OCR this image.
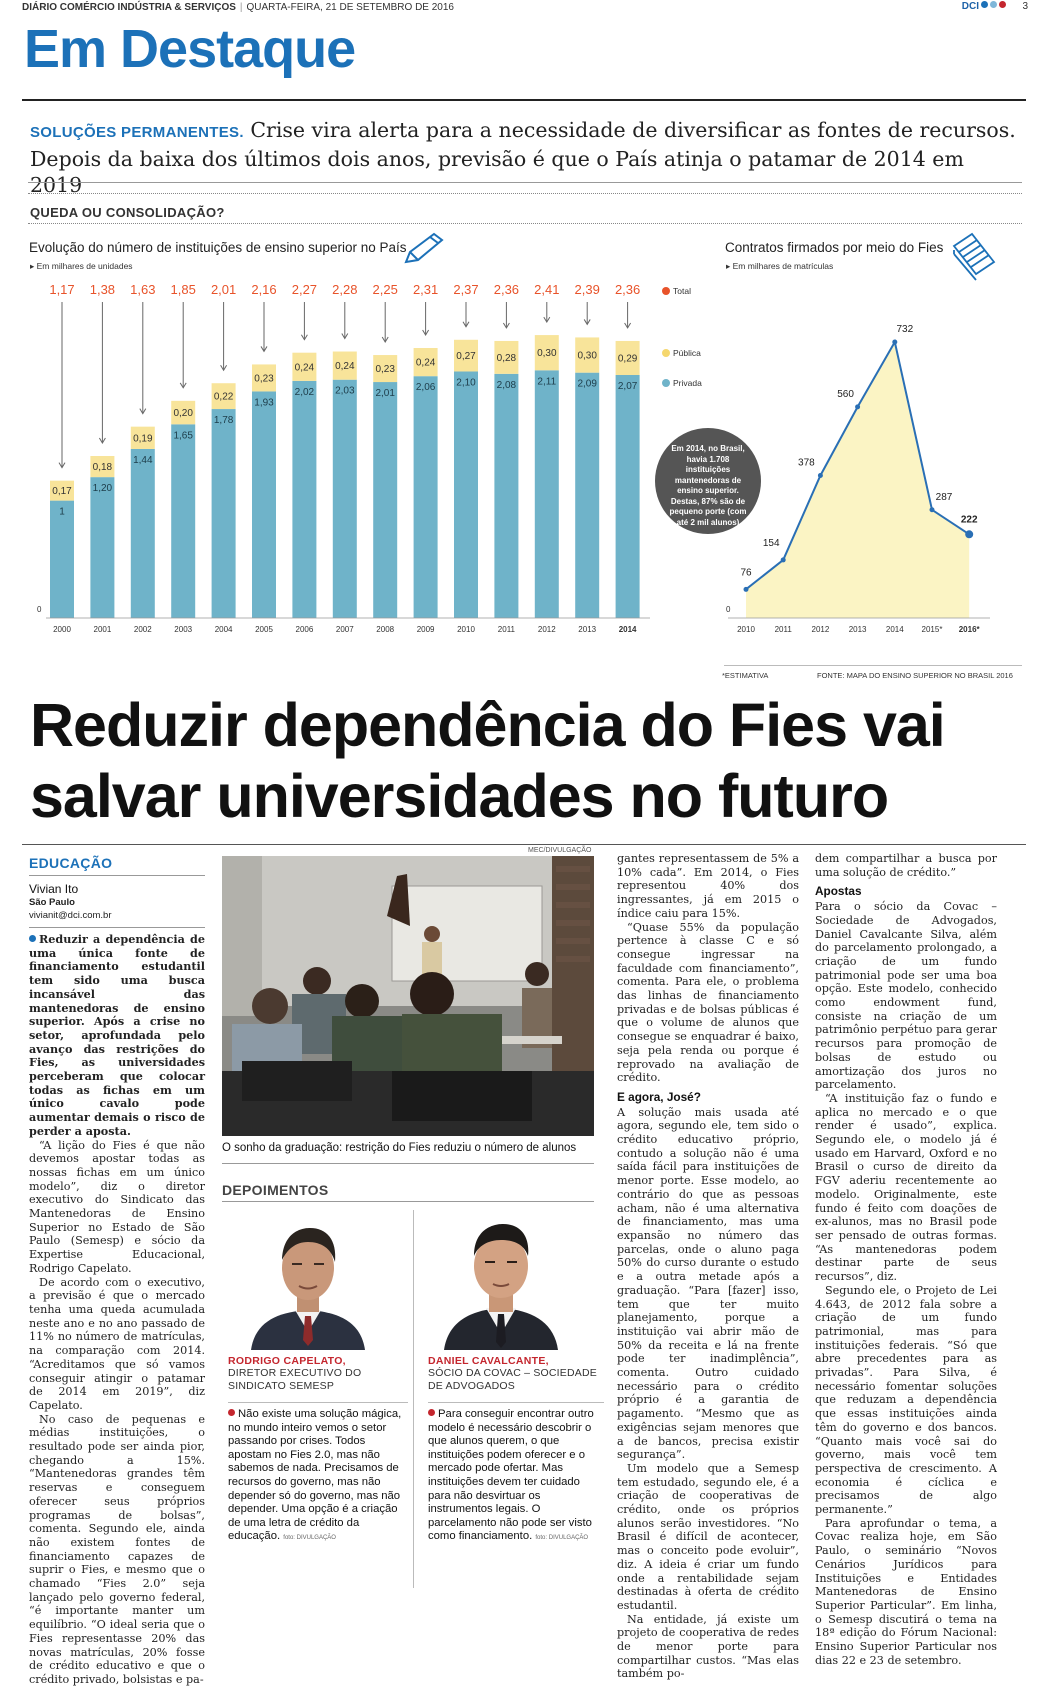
DIÁRIO COMÉRCIO INDÚSTRIA & SERVIÇOS | QUARTA-FEIRA, 21 DE SETEMBRO DE 2016	DCI	3
Em Destaque
SOLUÇÕES PERMANENTES. Crise vira alerta para a necessidade de diversificar as fontes de recursos. Depois da baixa dos últimos dois anos, previsão é que o País atinja o patamar de 2014 em 2019
QUEDA OU CONSOLIDAÇÃO?
Evolução do número de instituições de ensino superior no País
▸ Em milhares de unidades
Contratos firmados por meio do Fies
▸ Em milhares de matrículas
0
1,17
0,17
1
2000
1,38
0,18
1,20
2001
1,63
0,19
1,44
2002
1,85
0,20
1,65
2003
2,01
0,22
1,78
2004
2,16
0,23
1,93
2005
2,27
0,24
2,02
2006
2,28
0,24
2,03
2007
2,25
0,23
2,01
2008
2,31
0,24
2,06
2009
2,37
0,27
2,10
2010
2,36
0,28
2,08
2011
2,41
0,30
2,11
2012
2,39
0,30
2,09
2013
2,36
0,29
2,07
2014
Total
Pública
Privada
0
76
2010
154
2011
378
2012
560
2013
732
2014
287
2015*
222
2016*
Em 2014, no Brasil, havia 1.708 instituições mantenedoras de ensino superior. Destas, 87% são de pequeno porte (com até 2 mil alunos)
*ESTIMATIVA	FONTE: MAPA DO ENSINO SUPERIOR NO BRASIL 2016
Reduzir dependência do Fies vai salvar universidades no futuro
EDUCAÇÃO
Vivian Ito
São Paulo
vivianit@dci.com.br

Reduzir a dependência de uma única fonte de financiamento estudantil tem sido uma busca incansável das mantenedoras de ensino superior. Após a crise no setor, aprofundada pelo avanço das restrições do Fies, as universidades perceberam que colocar todas as fichas em um único cavalo pode aumentar demais o risco de perder a aposta.

“A lição do Fies é que não devemos apostar todas as nossas fichas em um único modelo”, diz o diretor executivo do Sindicato das Mantenedoras de Ensino Superior no Estado de São Paulo (Semesp) e sócio da Expertise Educacional, Rodrigo Capelato.

De acordo com o executivo, a previsão é que o mercado tenha uma queda acumulada neste ano e no ano passado de 11% no número de matrículas, na comparação com 2014. “Acreditamos que só vamos conseguir atingir o patamar de 2014 em 2019”, diz Capelato.

No caso de pequenas e médias instituições, o resultado pode ser ainda pior, chegando a 15%. “Mantenedoras grandes têm reservas e conseguem oferecer seus próprios programas de bolsas”, comenta. Segundo ele, ainda não existem fontes de financiamento capazes de suprir o Fies, e mesmo que o chamado “Fies 2.0” seja lançado pelo governo federal, “é importante manter um equilíbrio. “O ideal seria que o Fies representasse 20% das novas matrículas, 20% fosse de crédito educativo e que o crédito privado, bolsistas e pa-

MEC/DIVULGAÇÃO
O sonho da graduação: restrição do Fies reduziu o número de alunos
DEPOIMENTOS
RODRIGO CAPELATO,
DIRETOR EXECUTIVO DO
SINDICATO SEMESP
Não existe uma solução mágica, no mundo inteiro vemos o setor passando por crises. Todos apostam no Fies 2.0, mas não sabemos de nada. Precisamos de recursos do governo, mas não depender só do governo, mas não depender. Uma opção é a criação de uma letra de crédito da educação. foto: DIVULGAÇÃO
DANIEL CAVALCANTE,
SÓCIO DA COVAC – SOCIEDADE
DE ADVOGADOS
Para conseguir encontrar outro modelo é necessário descobrir o que alunos querem, o que instituições podem oferecer e o mercado pode ofertar. Mas instituições devem ter cuidado para não desvirtuar os instrumentos legais. O parcelamento não pode ser visto como financiamento. foto: DIVULGAÇÃO

gantes representassem de 5% a 10% cada”. Em 2014, o Fies representou 40% dos ingressantes, já em 2015 o índice caiu para 15%.

“Quase 55% da população pertence à classe C e só consegue ingressar na faculdade com financiamento”, comenta. Para ele, o problema das linhas de financiamento privadas e de bolsas públicas é que o volume de alunos que consegue se enquadrar é baixo, seja pela renda ou porque é reprovado na avaliação de crédito.

E agora, José?

A solução mais usada até agora, segundo ele, tem sido o crédito educativo próprio, contudo a solução não é uma saída fácil para instituições de menor porte. Esse modelo, ao contrário do que as pessoas acham, não é uma alternativa de financiamento, mas uma expansão no número das parcelas, onde o aluno paga 50% do curso durante o estudo e a outra metade após a graduação. “Para [fazer] isso, tem que ter muito planejamento, porque a instituição vai abrir mão de 50% da receita e lá na frente pode ter inadimplência”, comenta. Outro cuidado necessário para o crédito próprio é a garantia de pagamento. “Mesmo que as exigências sejam menores que a de bancos, precisa existir segurança”.

Um modelo que a Semesp tem estudado, segundo ele, é a criação de cooperativas de crédito, onde os próprios alunos serão investidores. “No Brasil é difícil de acontecer, mas o conceito pode evoluir”, diz. A ideia é criar um fundo onde a rentabilidade sejam destinadas à oferta de crédito estudantil.

Na entidade, já existe um projeto de cooperativa de redes de menor porte para compartilhar custos. “Mas elas também po-

dem compartilhar a busca por uma solução de crédito.”

Apostas

Para o sócio da Covac – Sociedade de Advogados, Daniel Cavalcante Silva, além do parcelamento prolongado, a criação de um fundo patrimonial pode ser uma boa opção. Este modelo, conhecido como endowment fund, consiste na criação de um patrimônio perpétuo para gerar recursos para promoção de bolsas de estudo ou amortização dos juros no parcelamento.

“A instituição faz o fundo e aplica no mercado e o que render é usado”, explica. Segundo ele, o modelo já é usado em Harvard, Oxford e no Brasil o curso de direito da FGV aderiu recentemente ao modelo. Originalmente, este fundo é feito com doações de ex-alunos, mas no Brasil pode ser pensado de outras formas. “As mantenedoras podem destinar parte de seus recursos”, diz.

Segundo ele, o Projeto de Lei 4.643, de 2012 fala sobre a criação de um fundo patrimonial, mas para instituições federais. “Só que abre precedentes para as privadas”. Para Silva, é necessário fomentar soluções que reduzam a dependência que essas instituições ainda têm do governo e dos bancos. “Quanto mais você sai do governo, mais você tem perspectiva de crescimento. A economia é cíclica e precisamos de algo permanente.”

Para aprofundar o tema, a Covac realiza hoje, em São Paulo, o seminário “Novos Cenários Jurídicos para Instituições e Entidades Mantenedoras de Ensino Superior Particular”. Em linha, o Semesp discutirá o tema na 18ª edição do Fórum Nacional: Ensino Superior Particular nos dias 22 e 23 de setembro.
